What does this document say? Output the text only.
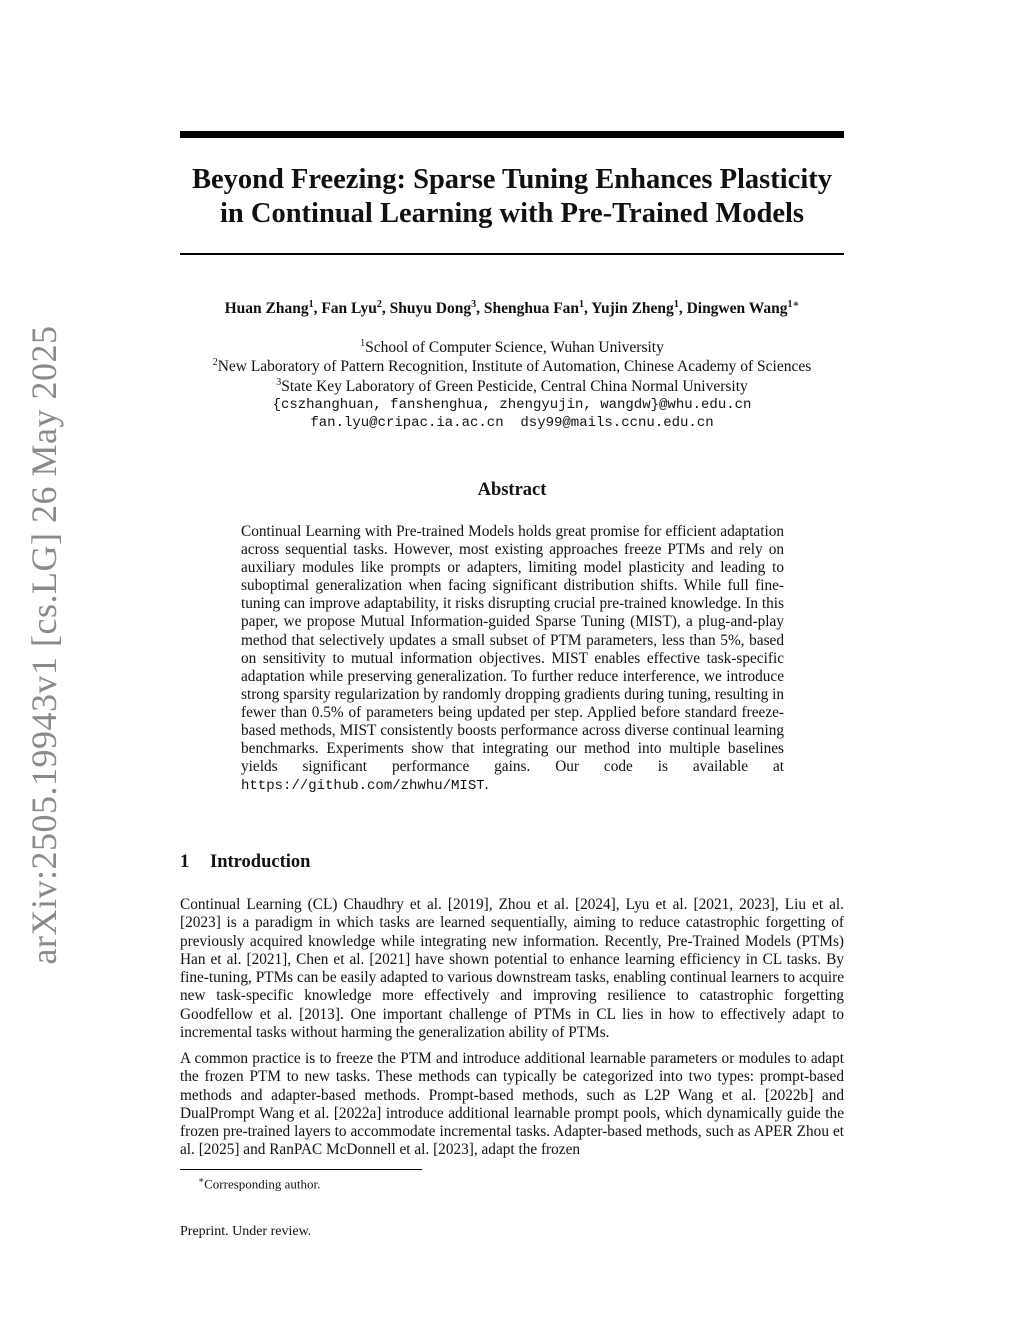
arXiv:2505.19943v1 [cs.LG] 26 May 2025
Beyond Freezing: Sparse Tuning Enhances Plasticity
in Continual Learning with Pre-Trained Models
Huan Zhang$^1$, Fan Lyu$^2$, Shuyu Dong$^3$, Shenghua Fan$^1$, Yujin Zheng$^1$, Dingwen Wang$^{1∗}$
$^1$School of Computer Science, Wuhan University
$^2$New Laboratory of Pattern Recognition, Institute of Automation, Chinese Academy of Sciences
$^3$State Key Laboratory of Green Pesticide, Central China Normal University
{cszhanghuan, fanshenghua, zhengyujin, wangdw}@whu.edu.cn
fan.lyu@cripac.ia.ac.cn  dsy99@mails.ccnu.edu.cn
Abstract
Continual Learning with Pre-trained Models holds great promise for efficient adaptation across sequential tasks. However, most existing approaches freeze PTMs and rely on auxiliary modules like prompts or adapters, limiting model plasticity and leading to suboptimal generalization when facing significant distribution shifts. While full fine-tuning can improve adaptability, it risks disrupting crucial pre-trained knowledge. In this paper, we propose Mutual Information-guided Sparse Tuning (MIST), a plug-and-play method that selectively updates a small subset of PTM parameters, less than 5%, based on sensitivity to mutual information objectives. MIST enables effective task-specific adaptation while preserving generalization. To further reduce interference, we introduce strong sparsity regularization by randomly dropping gradients during tuning, resulting in fewer than 0.5% of parameters being updated per step. Applied before standard freeze-based methods, MIST consistently boosts performance across diverse continual learning benchmarks. Experiments show that integrating our method into multiple baselines yields significant performance gains. Our code is available at https://github.com/zhwhu/MIST.
1 Introduction
Continual Learning (CL) Chaudhry et al. [2019], Zhou et al. [2024], Lyu et al. [2021, 2023], Liu et al. [2023] is a paradigm in which tasks are learned sequentially, aiming to reduce catastrophic forgetting of previously acquired knowledge while integrating new information. Recently, Pre-Trained Models (PTMs) Han et al. [2021], Chen et al. [2021] have shown potential to enhance learning efficiency in CL tasks. By fine-tuning, PTMs can be easily adapted to various downstream tasks, enabling continual learners to acquire new task-specific knowledge more effectively and improving resilience to catastrophic forgetting Goodfellow et al. [2013]. One important challenge of PTMs in CL lies in how to effectively adapt to incremental tasks without harming the generalization ability of PTMs.
A common practice is to freeze the PTM and introduce additional learnable parameters or modules to adapt the frozen PTM to new tasks. These methods can typically be categorized into two types: prompt-based methods and adapter-based methods. Prompt-based methods, such as L2P Wang et al. [2022b] and DualPrompt Wang et al. [2022a] introduce additional learnable prompt pools, which dynamically guide the frozen pre-trained layers to accommodate incremental tasks. Adapter-based methods, such as APER Zhou et al. [2025] and RanPAC McDonnell et al. [2023], adapt the frozen
∗Corresponding author.
Preprint. Under review.
